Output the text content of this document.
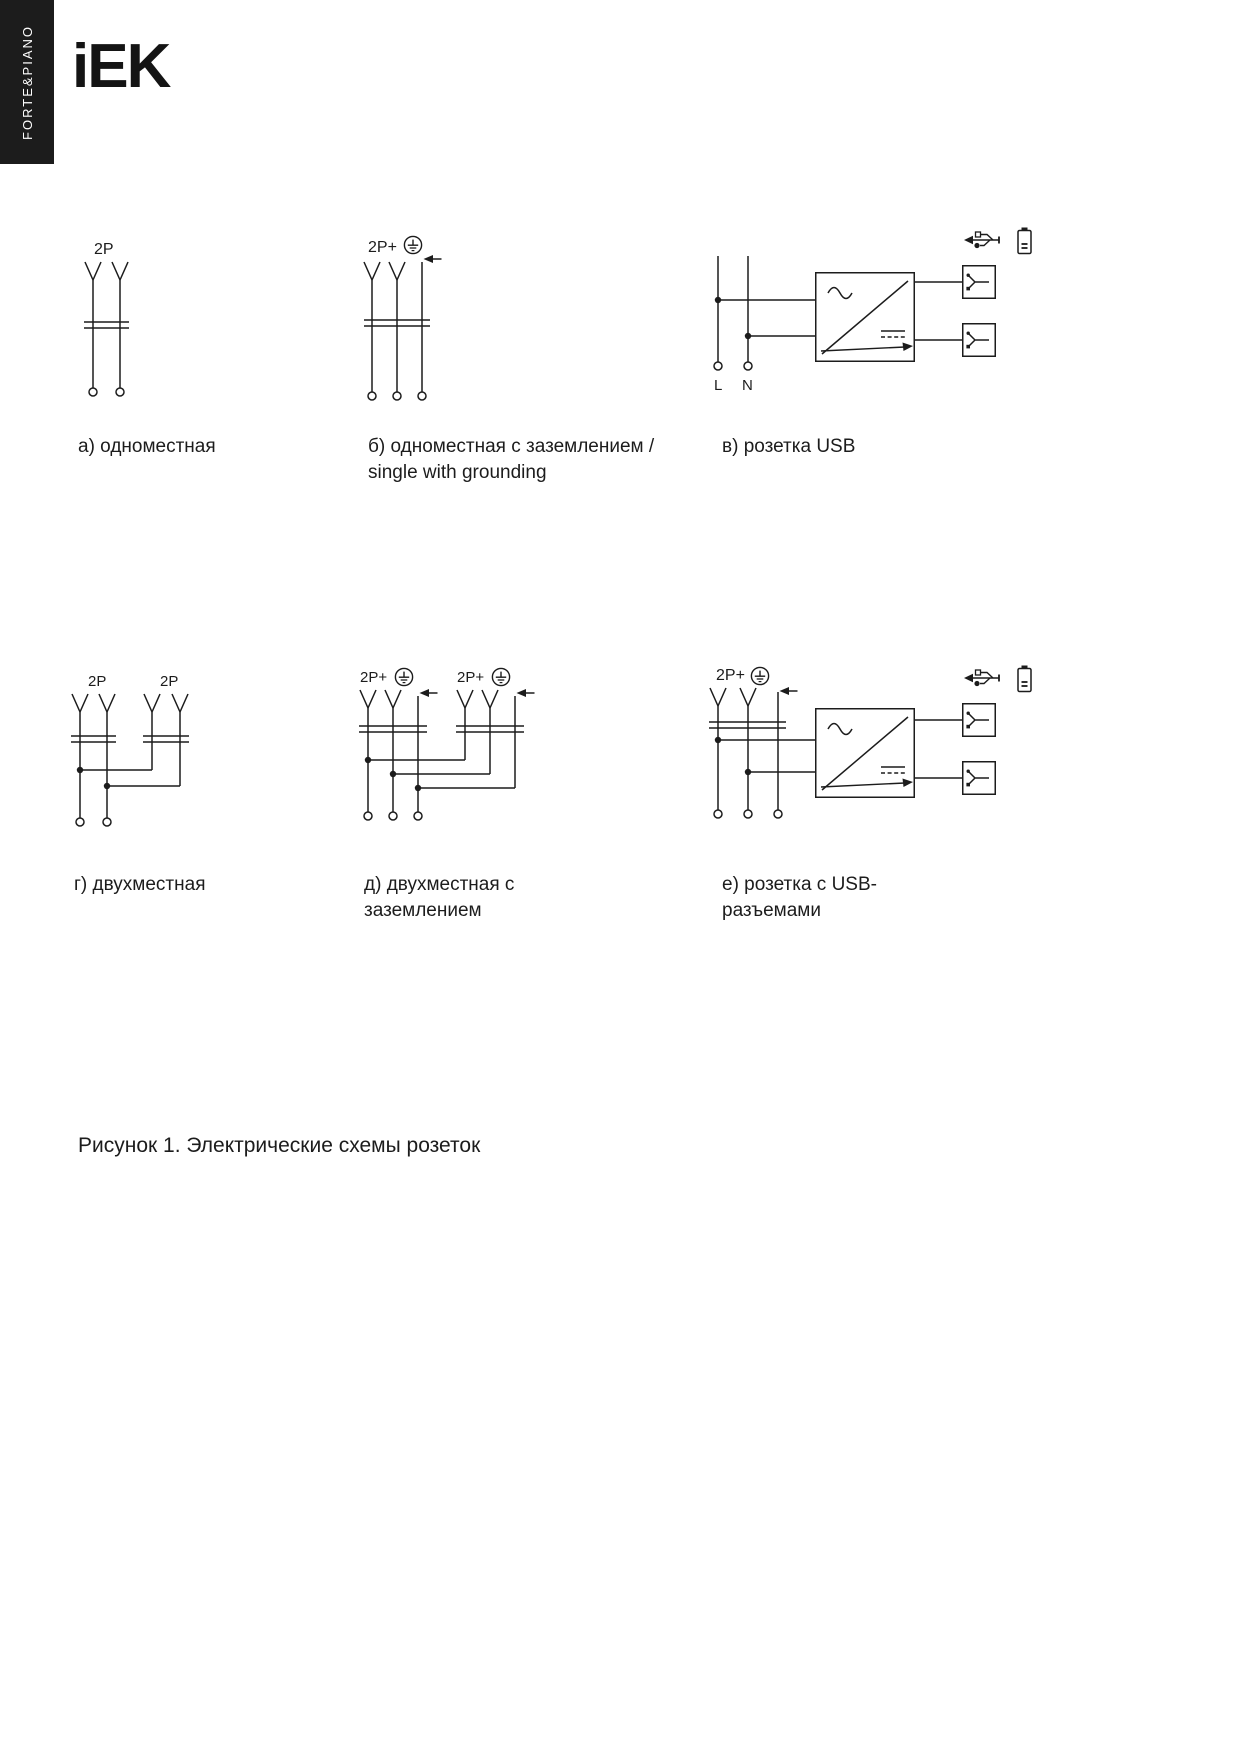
FORTE&PIANO iEK
2P	2P+
L N
2P	2P	2P+	2P+	2P+
а) одноместная	б) одноместная с заземлением /
single with grounding
в) розетка USB
г) двухместная	д) двухместная с
заземлением
е) розетка с USB-
разъемами
Рисунок 1. Электрические схемы розеток
